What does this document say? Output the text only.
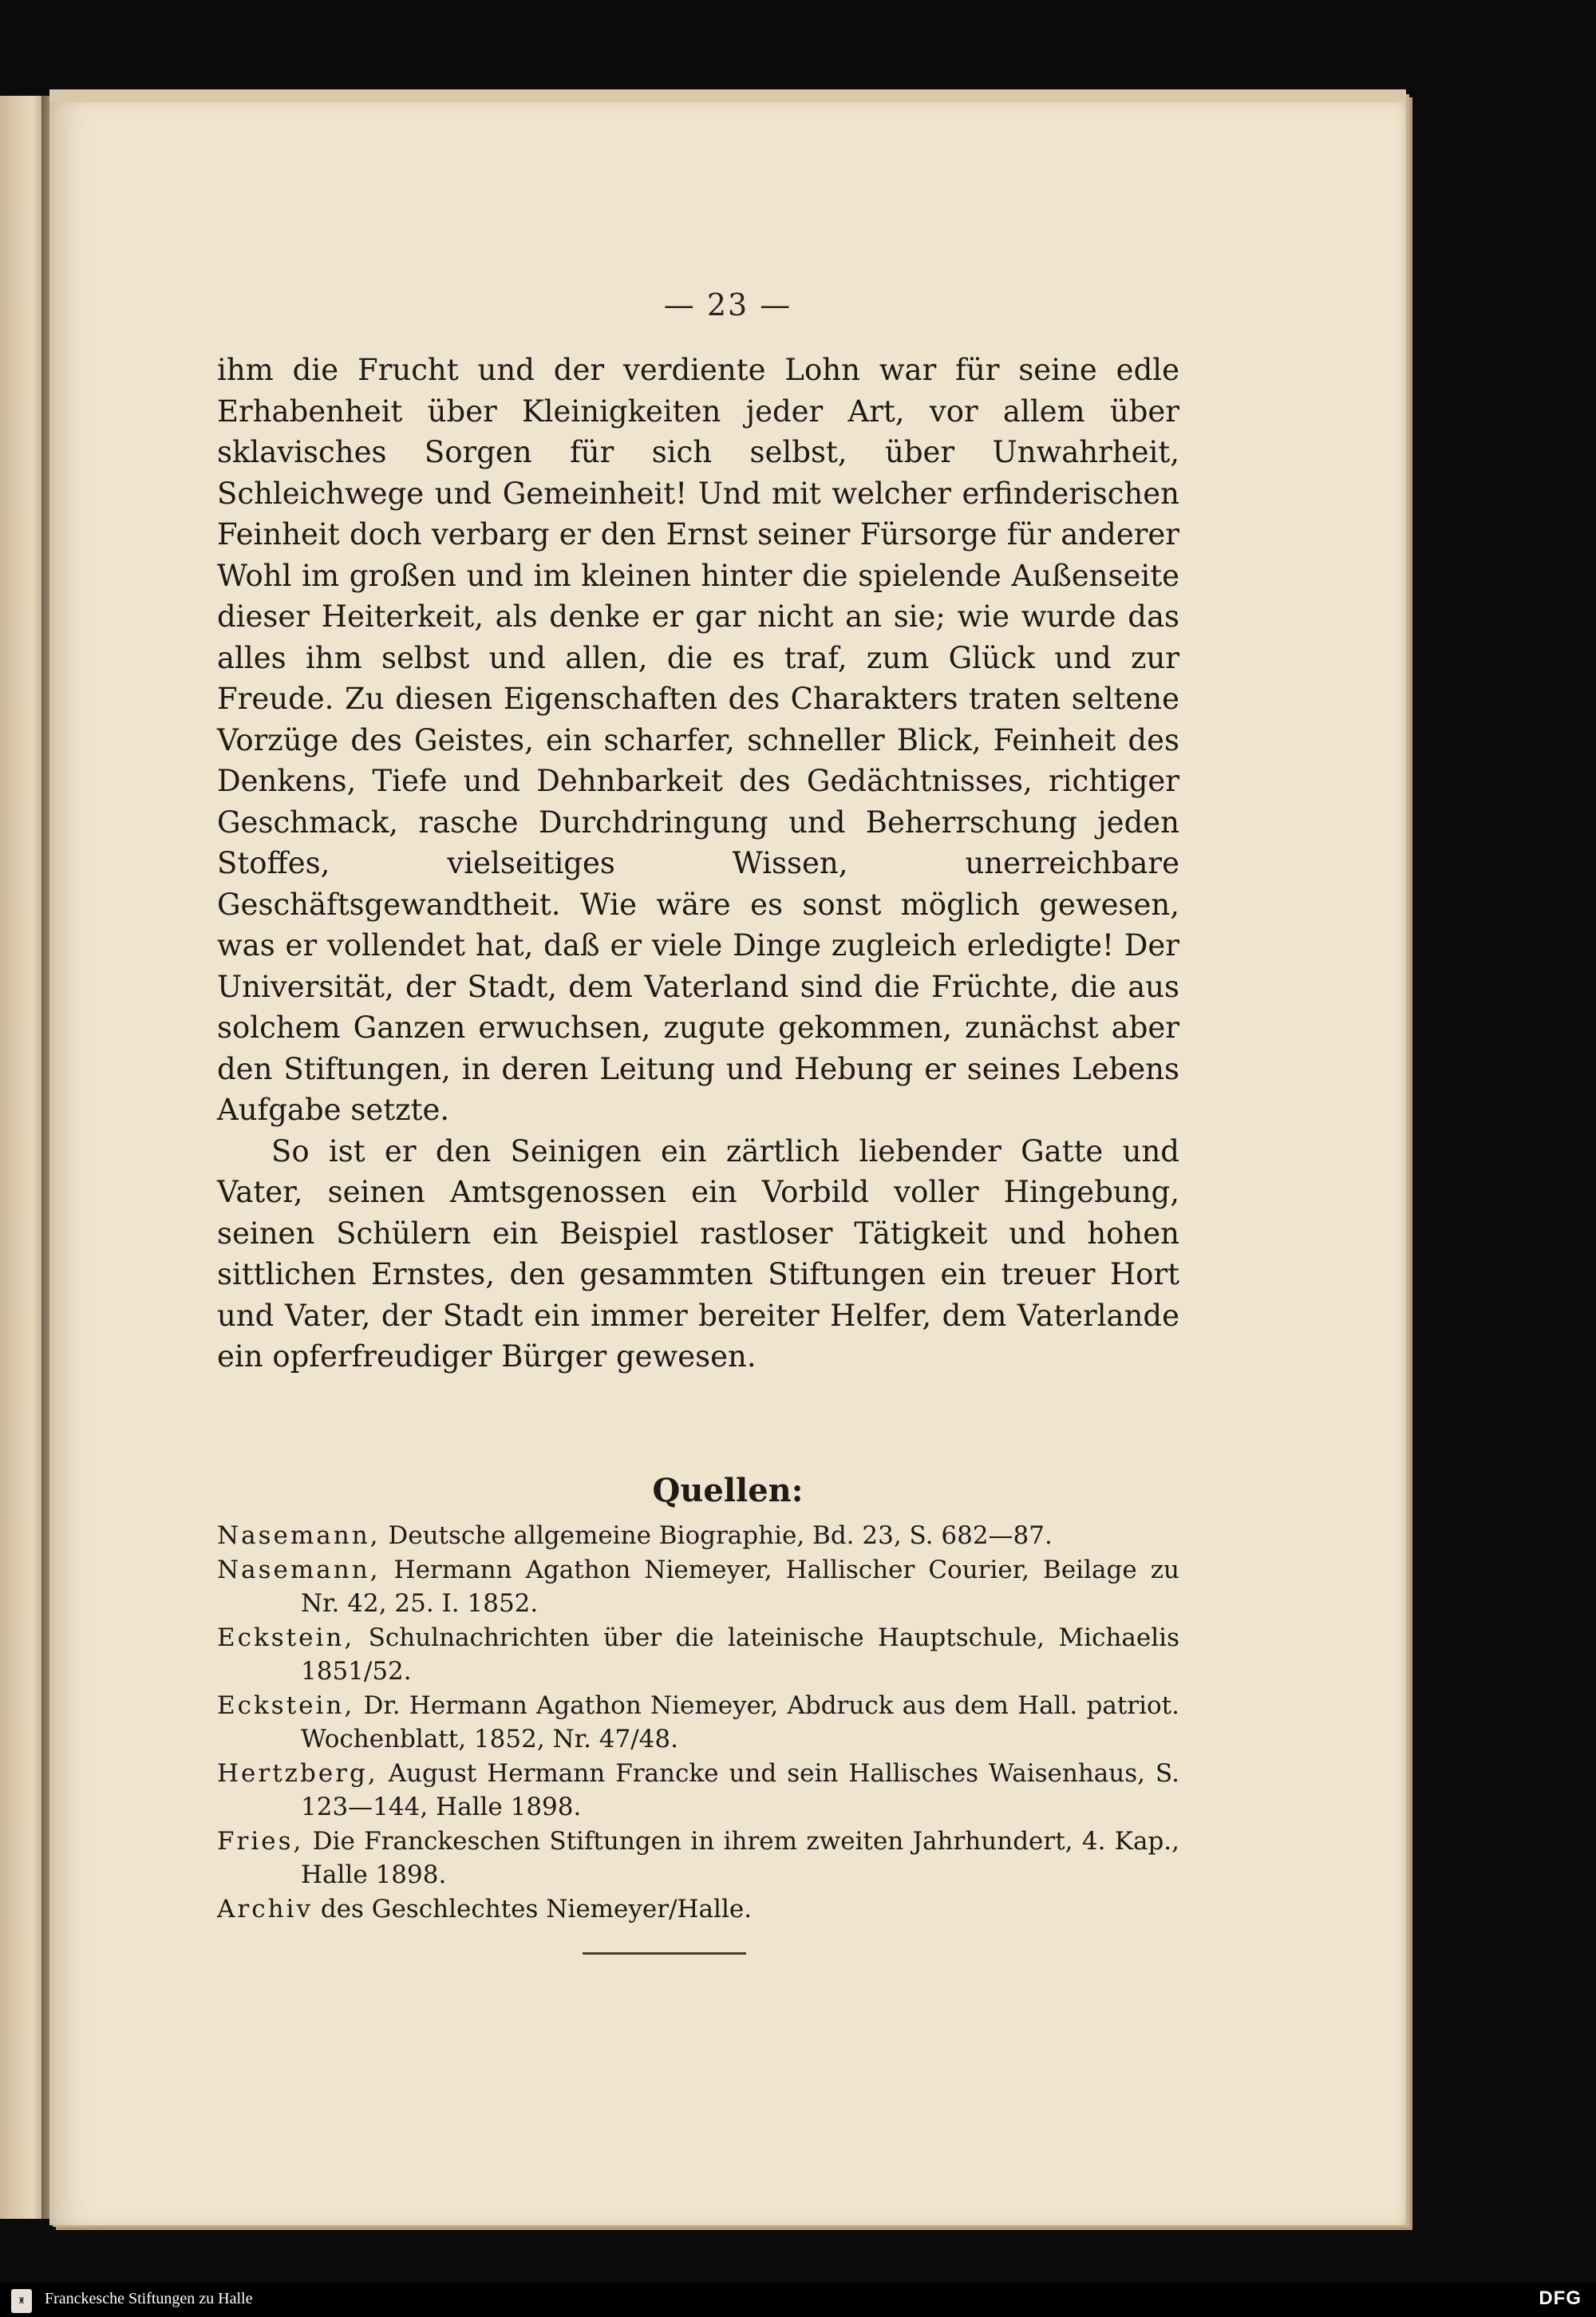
— 23 —

ihm die Frucht und der verdiente Lohn war für seine edle Erhabenheit über Kleinigkeiten jeder Art, vor allem über sklavisches Sorgen für sich selbst, über Unwahrheit, Schleichwege und Gemeinheit! Und mit welcher erfinderischen Feinheit doch verbarg er den Ernst seiner Fürsorge für anderer Wohl im großen und im kleinen hinter die spielende Außenseite dieser Heiterkeit, als denke er gar nicht an sie; wie wurde das alles ihm selbst und allen, die es traf, zum Glück und zur Freude. Zu diesen Eigenschaften des Charakters traten seltene Vorzüge des Geistes, ein scharfer, schneller Blick, Feinheit des Denkens, Tiefe und Dehnbarkeit des Gedächtnisses, richtiger Geschmack, rasche Durchdringung und Beherrschung jeden Stoffes, vielseitiges Wissen, unerreichbare Geschäftsgewandtheit. Wie wäre es sonst möglich gewesen, was er vollendet hat, daß er viele Dinge zugleich erledigte! Der Universität, der Stadt, dem Vaterland sind die Früchte, die aus solchem Ganzen erwuchsen, zugute gekommen, zunächst aber den Stiftungen, in deren Leitung und Hebung er seines Lebens Aufgabe setzte.

So ist er den Seinigen ein zärtlich liebender Gatte und Vater, seinen Amtsgenossen ein Vorbild voller Hingebung, seinen Schülern ein Beispiel rastloser Tätigkeit und hohen sittlichen Ernstes, den gesammten Stiftungen ein treuer Hort und Vater, der Stadt ein immer bereiter Helfer, dem Vaterlande ein opferfreudiger Bürger gewesen.

Quellen:
Nasemann, Deutsche allgemeine Biographie, Bd. 23, S. 682—87.
Nasemann, Hermann Agathon Niemeyer, Hallischer Courier, Beilage zu Nr. 42, 25. I. 1852.
Eckstein, Schulnachrichten über die lateinische Hauptschule, Michaelis 1851/52.
Eckstein, Dr. Hermann Agathon Niemeyer, Abdruck aus dem Hall. patriot. Wochenblatt, 1852, Nr. 47/48.
Hertzberg, August Hermann Francke und sein Hallisches Waisenhaus, S. 123—144, Halle 1898.
Fries, Die Franckeschen Stiftungen in ihrem zweiten Jahrhundert, 4. Kap., Halle 1898.
Archiv des Geschlechtes Niemeyer/Halle.
♜	Franckesche Stiftungen zu Halle	DFG
